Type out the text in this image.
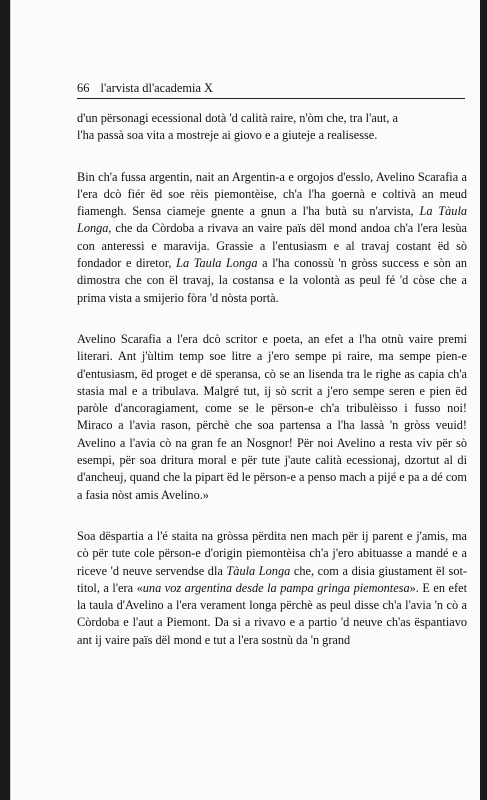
66 l'arvista dl'academia X

d'un përsonagi ecessional dotà 'd calità raire, n'òm che, tra l'aut, a
l'ha passà soa vita a mostreje ai giovo e a giuteje a realisesse.

Bin ch'a fussa argentin, nait an Argentin-a e orgojos d'esslo, Avelino Scarafia a l'era dcò fiér ëd soe rèis piemontèise, ch'a l'ha goernà e coltivà an meud fiamengh. Sensa ciameje gnente a gnun a l'ha butà su n'arvista, La Tàula Longa, che da Còrdoba a rivava an vaire païs dël mond andoa ch'a l'era lesùa con anteressi e maravija. Grassie a l'entusiasm e al travaj costant ëd sò fondador e diretor, La Taula Longa a l'ha conossù 'n gròss success e sòn an dimostra che con ël travaj, la costansa e la volontà as peul fé 'd còse che a prima vista a smijerio fòra 'd nòsta portà.

Avelino Scarafia a l'era dcò scritor e poeta, an efet a l'ha otnù vaire premi literari. Ant j'ùltim temp soe litre a j'ero sempe pi raire, ma sempe pien-e d'entusiasm, ëd proget e dë speransa, cò se an lisenda tra le righe as capia ch'a stasia mal e a tribulava. Malgré tut, ij sò scrit a j'ero sempe seren e pien ëd paròle d'ancoragiament, come se le përson-e ch'a tribulèisso i fusso noi! Miraco a l'avia rason, përchè che soa partensa a l'ha lassà 'n gròss veuid! Avelino a l'avia cò na gran fe an Nosgnor! Për noi Avelino a resta viv për sò esempi, për soa dritura moral e për tute j'aute calità ecessionaj, dzortut al di d'ancheuj, quand che la pipart ëd le përson-e a penso mach a pijé e pa a dé com a fasia nòst amis Avelino.»

Soa dëspartia a l'é staita na gròssa përdita nen mach për ij parent e j'amis, ma cò për tute cole përson-e d'origin piemontèisa ch'a j'ero abituasse a mandé e a riceve 'd neuve servendse dla Tàula Longa che, com a disia giustament ël sot-titol, a l'era «una voz argentina desde la pampa gringa piemontesa». E en efet la taula d'Avelino a l'era verament longa përchè as peul disse ch'a l'avia 'n cò a Còrdoba e l'aut a Piemont. Da si a rivavo e a partio 'd neuve ch'as ëspantiavo ant ij vaire païs dël mond e tut a l'era sostnù da 'n grand
